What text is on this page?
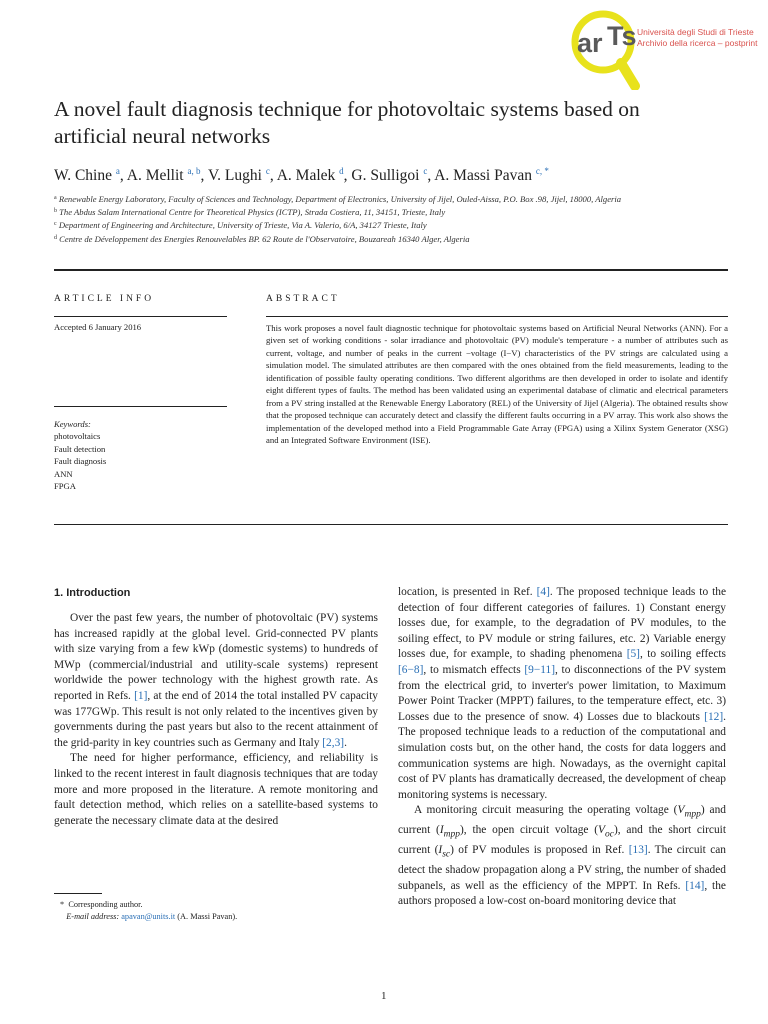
ar Ts Università degli Studi di Trieste
Archivio della ricerca – postprint
A novel fault diagnosis technique for photovoltaic systems based on artificial neural networks
W. Chine $^a$, A. Mellit $^{a, b}$, V. Lughi $^c$, A. Malek $^d$, G. Sulligoi $^c$, A. Massi Pavan $^{c, *}$
$^a$ Renewable Energy Laboratory, Faculty of Sciences and Technology, Department of Electronics, University of Jijel, Ouled-Aissa, P.O. Box .98, Jijel, 18000, Algeria
$^b$ The Abdus Salam International Centre for Theoretical Physics (ICTP), Strada Costiera, 11, 34151, Trieste, Italy
$^c$ Department of Engineering and Architecture, University of Trieste, Via A. Valerio, 6/A, 34127 Trieste, Italy
$^d$ Centre de Développement des Energies Renouvelables BP. 62 Route de l'Observatoire, Bouzareah 16340 Alger, Algeria
ARTICLE INFO
Accepted 6 January 2016
Keywords:
photovoltaics
Fault detection
Fault diagnosis
ANN
FPGA
ABSTRACT
This work proposes a novel fault diagnostic technique for photovoltaic systems based on Artificial Neural Networks (ANN). For a given set of working conditions - solar irradiance and photovoltaic (PV) module's temperature - a number of attributes such as current, voltage, and number of peaks in the current −voltage (I−V) characteristics of the PV strings are calculated using a simulation model. The simulated attributes are then compared with the ones obtained from the field measurements, leading to the identification of possible faulty operating conditions. Two different algorithms are then developed in order to isolate and identify eight different types of faults. The method has been validated using an experimental database of climatic and electrical parameters from a PV string installed at the Renewable Energy Laboratory (REL) of the University of Jijel (Algeria). The obtained results show that the proposed technique can accurately detect and classify the different faults occurring in a PV array. This work also shows the implementation of the developed method into a Field Programmable Gate Array (FPGA) using a Xilinx System Generator (XSG) and an Integrated Software Environment (ISE).
1. Introduction

Over the past few years, the number of photovoltaic (PV) systems has increased rapidly at the global level. Grid-connected PV plants with size varying from a few kWp (domestic systems) to hundreds of MWp (commercial/industrial and utility-scale systems) represent worldwide the power technology with the highest growth rate. As reported in Refs. [1], at the end of 2014 the total installed PV capacity was 177GWp. This result is not only related to the incentives given by governments during the past years but also to the recent attainment of the grid-parity in key countries such as Germany and Italy [2,3].

The need for higher performance, efficiency, and reliability is linked to the recent interest in fault diagnosis techniques that are today more and more proposed in the literature. A remote monitoring and fault detection method, which relies on a satellite-based systems to generate the necessary climate data at the desired

location, is presented in Ref. [4]. The proposed technique leads to the detection of four different categories of failures. 1) Constant energy losses due, for example, to the degradation of PV modules, to the soiling effect, to PV module or string failures, etc. 2) Variable energy losses due, for example, to shading phenomena [5], to soiling effects [6−8], to mismatch effects [9−11], to disconnections of the PV system from the electrical grid, to inverter's power limitation, to Maximum Power Point Tracker (MPPT) failures, to the temperature effect, etc. 3) Losses due to the presence of snow. 4) Losses due to blackouts [12]. The proposed technique leads to a reduction of the computational and simulation costs but, on the other hand, the costs for data loggers and communication systems are high. Nowadays, as the overnight capital cost of PV plants has dramatically decreased, the development of cheap monitoring systems is necessary.

A monitoring circuit measuring the operating voltage $(V_{mpp})$ and current $(I_{mpp})$, the open circuit voltage $(V_{oc})$, and the short circuit current $(I_{sc})$ of PV modules is proposed in Ref. [13]. The circuit can detect the shadow propagation along a PV string, the number of shaded subpanels, as well as the efficiency of the MPPT. In Refs. [14], the authors proposed a low-cost on-board monitoring device that

* Corresponding author.
E-mail address: apavan@units.it (A. Massi Pavan).
1
